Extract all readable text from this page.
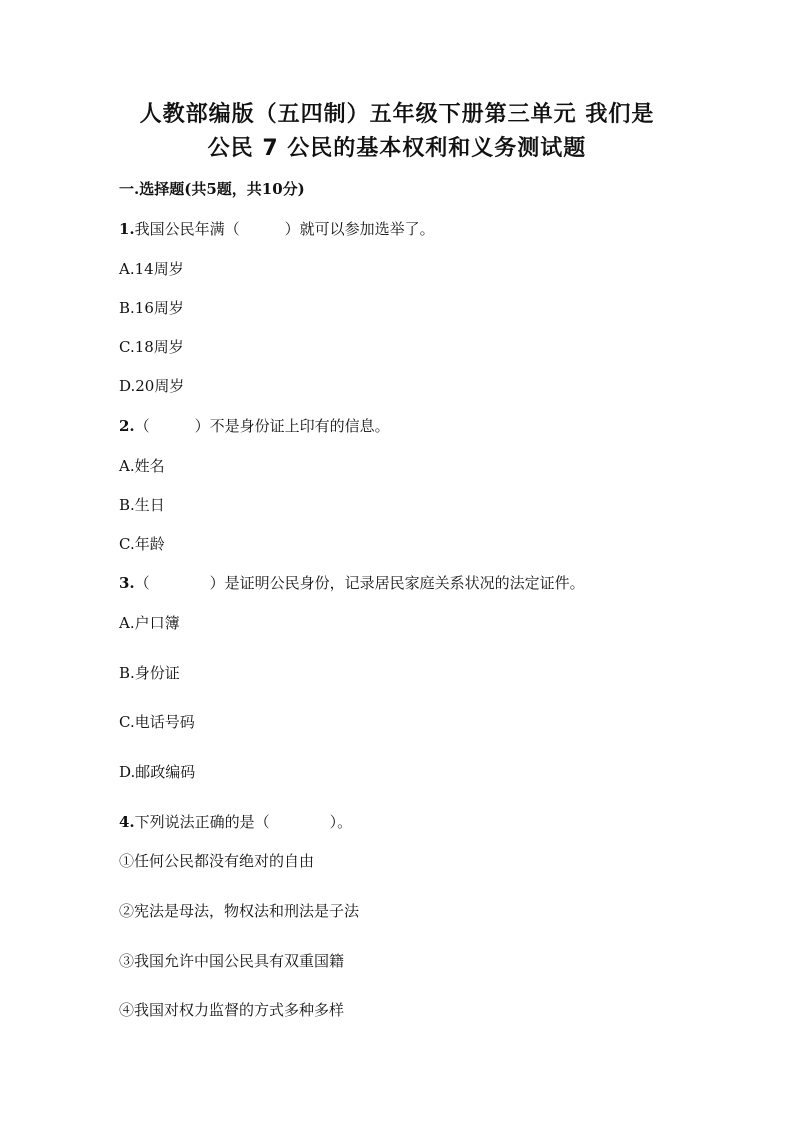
人教部编版（五四制）五年级下册第三单元 我们是
公民 7 公民的基本权利和义务测试题
一.选择题(共5题，共10分)
1.我国公民年满（　　　）就可以参加选举了。
A.14周岁
B.16周岁
C.18周岁
D.20周岁
2.（　　　）不是身份证上印有的信息。
A.姓名
B.生日
C.年龄
3.（　　　　）是证明公民身份，记录居民家庭关系状况的法定证件。
A.户口簿
B.身份证
C.电话号码
D.邮政编码
4.下列说法正确的是（　　　　）。
①任何公民都没有绝对的自由
②宪法是母法，物权法和刑法是子法
③我国允许中国公民具有双重国籍
④我国对权力监督的方式多种多样
